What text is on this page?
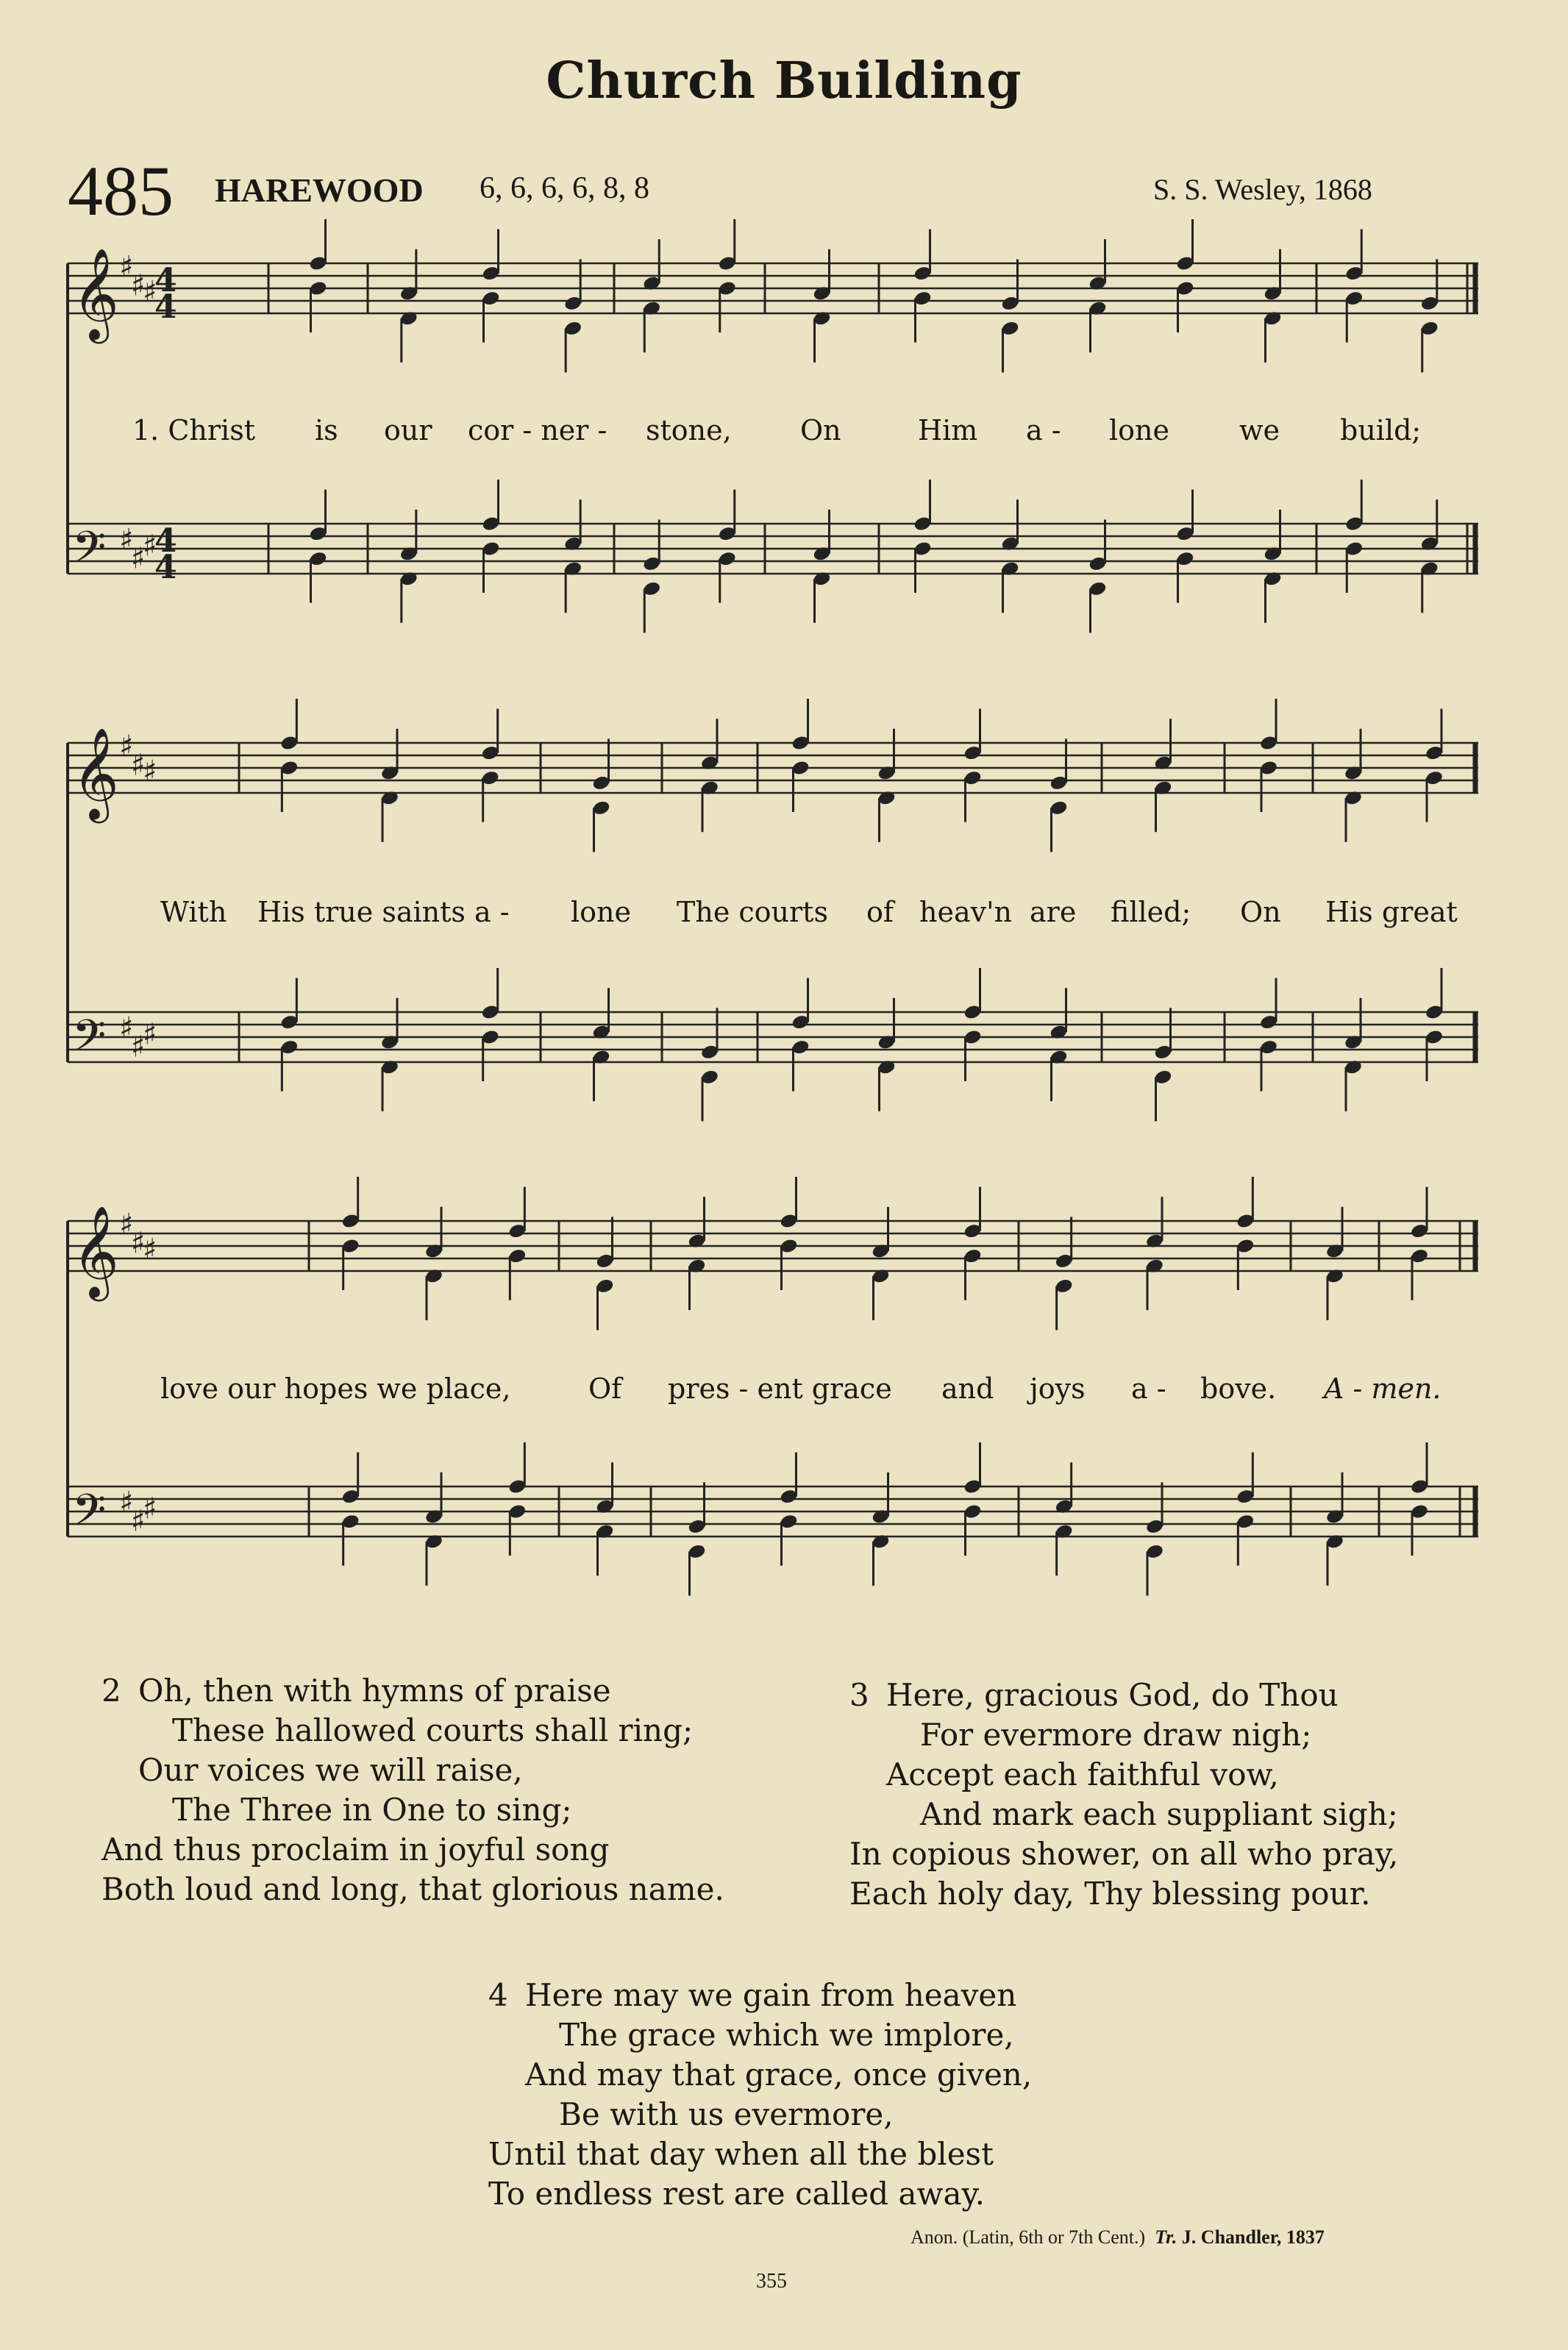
Church Building
485 HAREWOOD 6, 6, 6, 6, 8, 8	S. S. Wesley, 1868
𝄞 ♯
♯
♯
4
4
𝄢 ♯
♯
♯
4
4
𝄞 ♯
♯
♯
𝄢 ♯
♯
♯
𝄞 ♯
♯
♯
𝄢 ♯
♯
♯
1. Christ is our cor - ner - stone, On	Him a - lone	we build;
With His true saints a - lone The courts of heav'n are filled; On His great
love our hopes we place,	Of pres - ent grace and joys a - bove. A - men.
2 Oh, then with hymns of praise
These hallowed courts shall ring;
Our voices we will raise,
The Three in One to sing;
And thus proclaim in joyful song
Both loud and long, that glorious name.
3 Here, gracious God, do Thou
For evermore draw nigh;
Accept each faithful vow,
And mark each suppliant sigh;
In copious shower, on all who pray,
Each holy day, Thy blessing pour.
4 Here may we gain from heaven
The grace which we implore,
And may that grace, once given,
Be with us evermore,
Until that day when all the blest
To endless rest are called away.
Anon. (Latin, 6th or 7th Cent.) Tr. J. Chandler, 1837
355
